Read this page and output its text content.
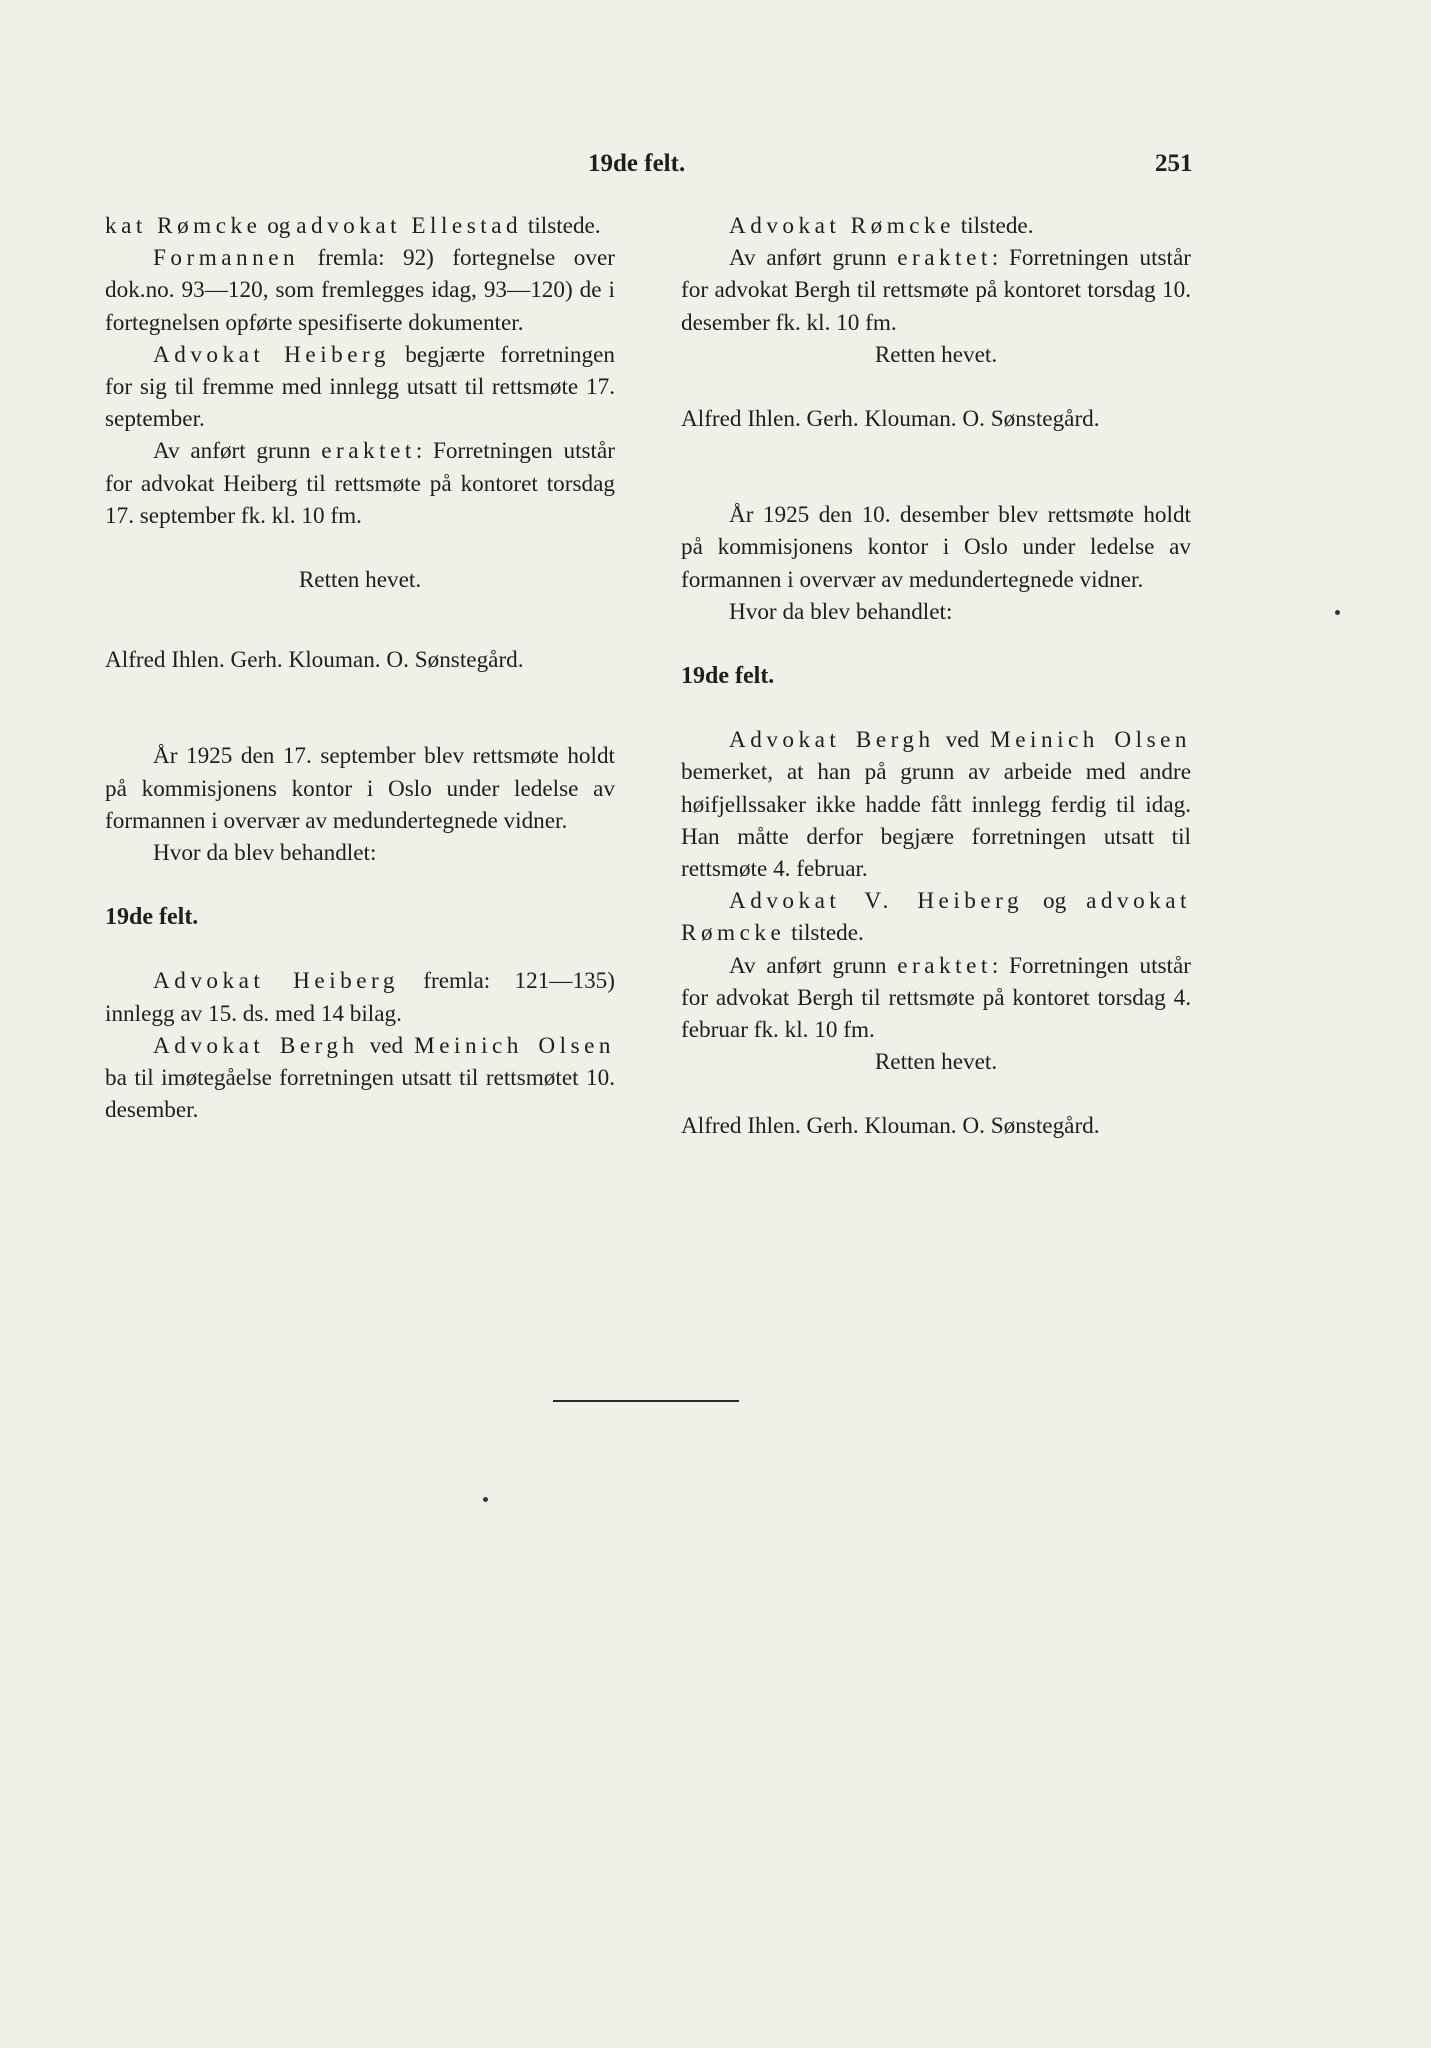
19de felt.	251

kat Rømcke og advokat Ellestad tilstede.

Formannen fremla: 92) fortegnelse over dok.no. 93—120, som fremlegges idag, 93—120) de i fortegnelsen opførte spesifiserte dokumenter.

Advokat Heiberg begjærte forretningen for sig til fremme med innlegg utsatt til rettsmøte 17. september.

Av anført grunn eraktet: Forretningen utstår for advokat Heiberg til rettsmøte på kontoret torsdag 17. september fk. kl. 10 fm.

Retten hevet.

Alfred Ihlen. Gerh. Klouman. O. Sønstegård.

År 1925 den 17. september blev rettsmøte holdt på kommisjonens kontor i Oslo under ledelse av formannen i overvær av medundertegnede vidner.

Hvor da blev behandlet:

19de felt.

Advokat Heiberg fremla: 121—135) innlegg av 15. ds. med 14 bilag.

Advokat Bergh ved Meinich Olsen ba til imøtegåelse forretningen utsatt til rettsmøtet 10. desember.

Advokat Rømcke tilstede.

Av anført grunn eraktet: Forretningen utstår for advokat Bergh til rettsmøte på kontoret torsdag 10. desember fk. kl. 10 fm.

Retten hevet.

Alfred Ihlen. Gerh. Klouman. O. Sønstegård.

År 1925 den 10. desember blev rettsmøte holdt på kommisjonens kontor i Oslo under ledelse av formannen i overvær av medundertegnede vidner.

Hvor da blev behandlet:

19de felt.

Advokat Bergh ved Meinich Olsen bemerket, at han på grunn av arbeide med andre høifjellssaker ikke hadde fått innlegg ferdig til idag. Han måtte derfor begjære forretningen utsatt til rettsmøte 4. februar.

Advokat V. Heiberg og advokat Rømcke tilstede.

Av anført grunn eraktet: Forretningen utstår for advokat Bergh til rettsmøte på kontoret torsdag 4. februar fk. kl. 10 fm.

Retten hevet.

Alfred Ihlen. Gerh. Klouman. O. Sønstegård.
